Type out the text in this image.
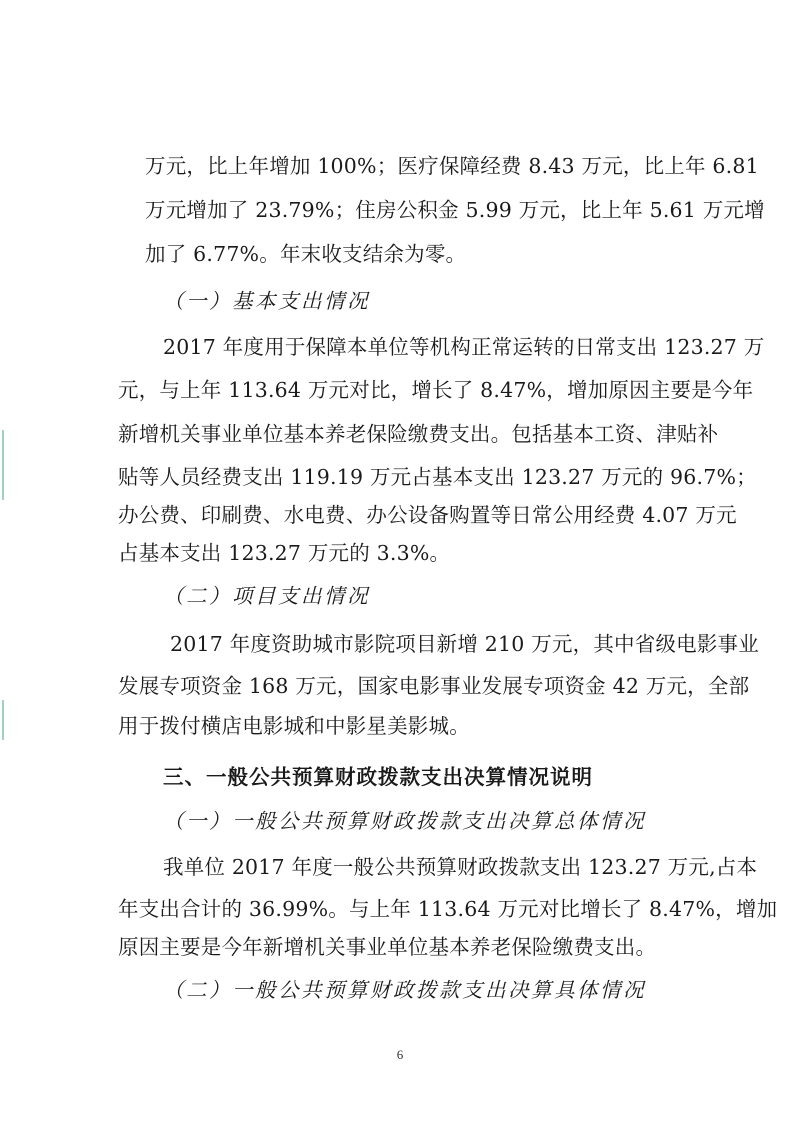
万元，比上年增加 100%；医疗保障经费 8.43 万元，比上年 6.81
万元增加了 23.79%；住房公积金 5.99 万元，比上年 5.61 万元增
加了 6.77%。年末收支结余为零。
（一）基本支出情况
2017 年度用于保障本单位等机构正常运转的日常支出 123.27 万
元，与上年 113.64 万元对比，增长了 8.47%，增加原因主要是今年
新增机关事业单位基本养老保险缴费支出。包括基本工资、津贴补
贴等人员经费支出 119.19 万元占基本支出 123.27 万元的 96.7%；
办公费、印刷费、水电费、办公设备购置等日常公用经费 4.07 万元
占基本支出 123.27 万元的 3.3%。
（二）项目支出情况
2017 年度资助城市影院项目新增 210 万元，其中省级电影事业
发展专项资金 168 万元，国家电影事业发展专项资金 42 万元，全部
用于拨付横店电影城和中影星美影城。
三、一般公共预算财政拨款支出决算情况说明
（一）一般公共预算财政拨款支出决算总体情况
我单位 2017 年度一般公共预算财政拨款支出 123.27 万元,占本
年支出合计的 36.99%。与上年 113.64 万元对比增长了 8.47%，增加
原因主要是今年新增机关事业单位基本养老保险缴费支出。
（二）一般公共预算财政拨款支出决算具体情况
6
